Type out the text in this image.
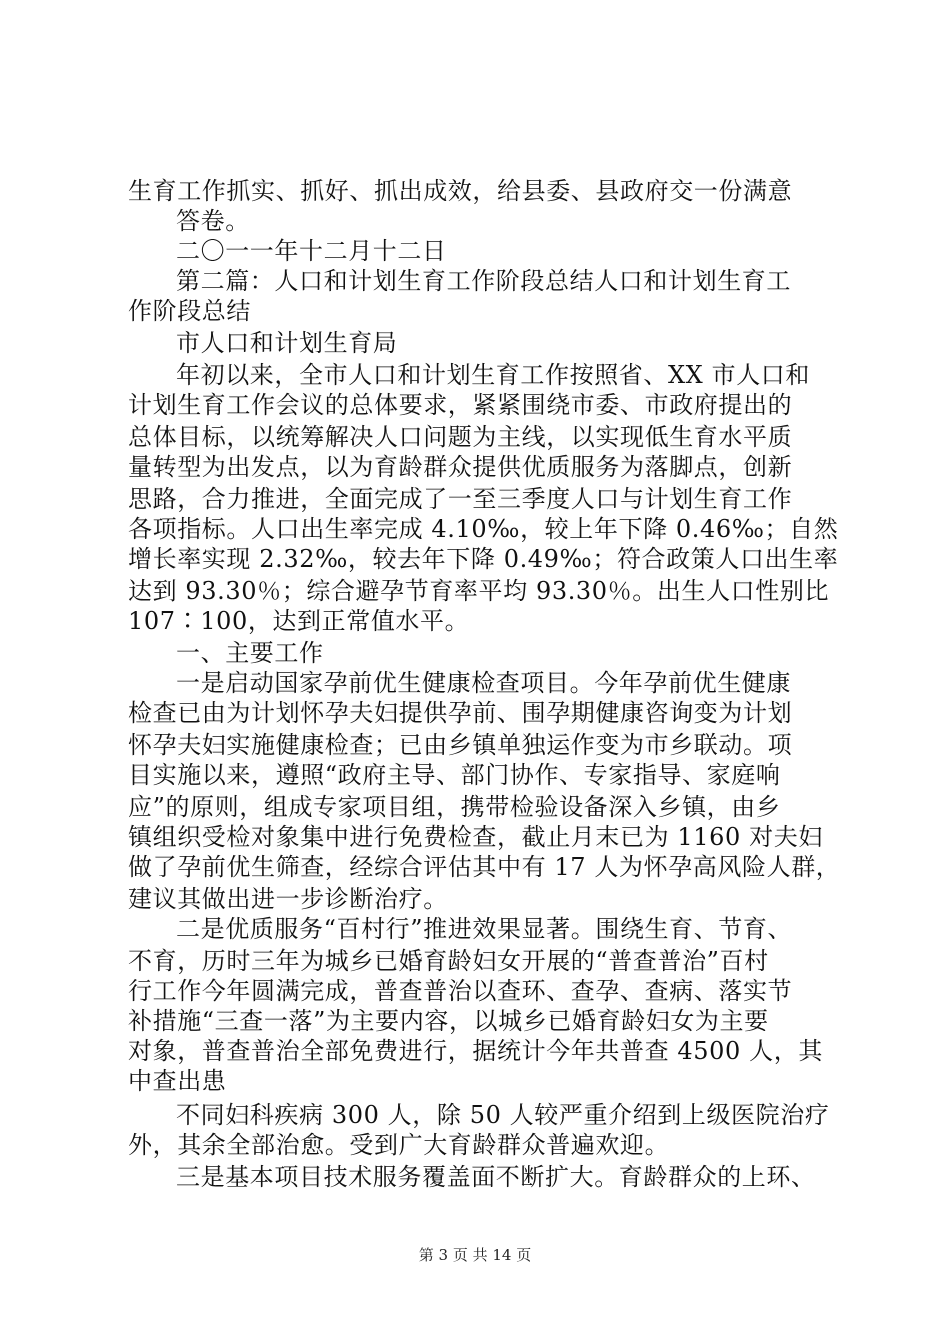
生育工作抓实、抓好、抓出成效，给县委、县政府交一份满意
答卷。
二〇一一年十二月十二日
第二篇：人口和计划生育工作阶段总结人口和计划生育工
作阶段总结
市人口和计划生育局
年初以来，全市人口和计划生育工作按照省、XX 市人口和
计划生育工作会议的总体要求，紧紧围绕市委、市政府提出的
总体目标，以统筹解决人口问题为主线，以实现低生育水平质
量转型为出发点，以为育龄群众提供优质服务为落脚点，创新
思路，合力推进，全面完成了一至三季度人口与计划生育工作
各项指标。人口出生率完成 4.10‰，较上年下降 0.46‰；自然
增长率实现 2.32‰，较去年下降 0.49‰；符合政策人口出生率
达到 93.30％；综合避孕节育率平均 93.30％。出生人口性别比
107∶100，达到正常值水平。
一、主要工作
一是启动国家孕前优生健康检查项目。今年孕前优生健康
检查已由为计划怀孕夫妇提供孕前、围孕期健康咨询变为计划
怀孕夫妇实施健康检查；已由乡镇单独运作变为市乡联动。项
目实施以来，遵照“政府主导、部门协作、专家指导、家庭响
应”的原则，组成专家项目组，携带检验设备深入乡镇，由乡
镇组织受检对象集中进行免费检查，截止月末已为 1160 对夫妇
做了孕前优生筛查，经综合评估其中有 17 人为怀孕高风险人群，
建议其做出进一步诊断治疗。
二是优质服务“百村行”推进效果显著。围绕生育、节育、
不育，历时三年为城乡已婚育龄妇女开展的“普查普治”百村
行工作今年圆满完成，普查普治以查环、查孕、查病、落实节
补措施“三查一落”为主要内容，以城乡已婚育龄妇女为主要
对象，普查普治全部免费进行，据统计今年共普查 4500 人，其
中查出患
不同妇科疾病 300 人，除 50 人较严重介绍到上级医院治疗
外，其余全部治愈。受到广大育龄群众普遍欢迎。
三是基本项目技术服务覆盖面不断扩大。育龄群众的上环、
第 3 页 共 14 页
